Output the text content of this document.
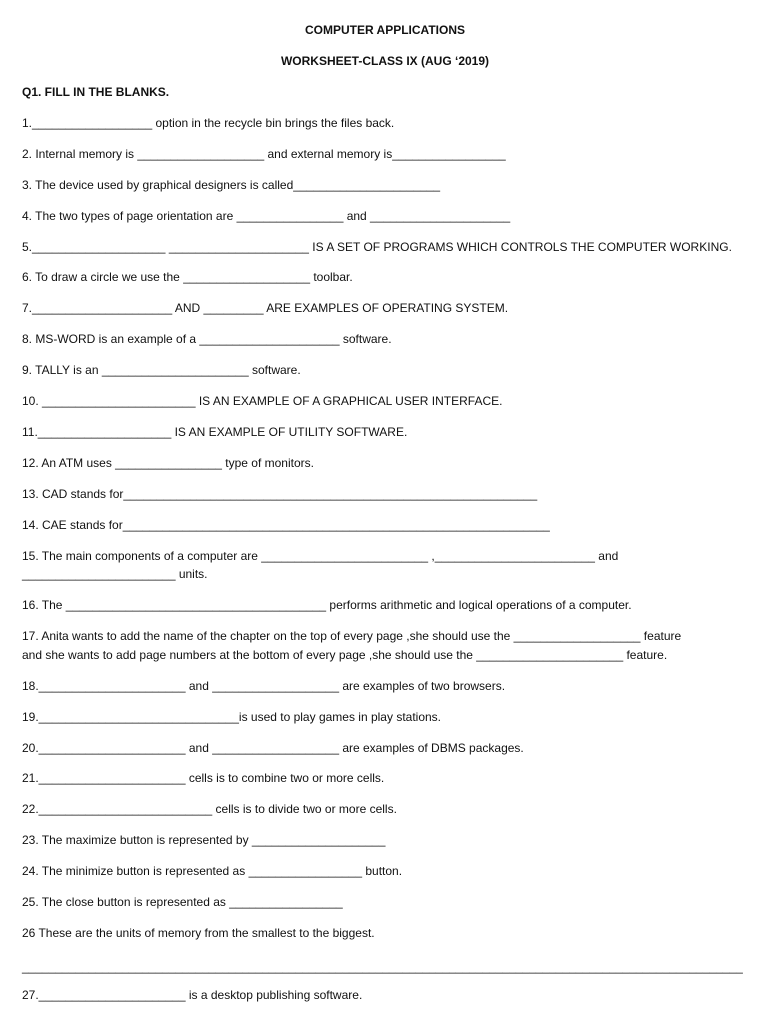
COMPUTER APPLICATIONS
WORKSHEET-CLASS IX (AUG ‘2019)
Q1. FILL IN THE BLANKS.
1.__________________ option in the recycle bin brings the files back.
2. Internal memory is ___________________ and external memory is_________________
3. The device used by graphical designers is called______________________
4. The two types of page orientation are ________________ and _____________________
5.____________________ _____________________ IS A SET OF PROGRAMS WHICH CONTROLS THE COMPUTER WORKING.
6. To draw a circle we use the ___________________ toolbar.
7._____________________ AND _________ ARE EXAMPLES OF OPERATING SYSTEM.
8. MS-WORD is an example of a _____________________ software.
9. TALLY is an ______________________ software.
10. _______________________ IS AN EXAMPLE OF A GRAPHICAL USER INTERFACE.
11.____________________ IS AN EXAMPLE OF UTILITY SOFTWARE.
12. An ATM uses ________________ type of monitors.
13. CAD stands for______________________________________________________________
14. CAE stands for________________________________________________________________
15. The main components of a computer are _________________________ ,________________________ and
_______________________ units.
16. The _______________________________________ performs arithmetic and logical operations of a computer.
17. Anita wants to add the name of the chapter on the top of every page ,she should use the ___________________ feature
and she wants to add page numbers at the bottom of every page ,she should use the ______________________ feature.
18.______________________ and ___________________ are examples of two browsers.
19.______________________________is used to play games in play stations.
20.______________________ and ___________________ are examples of DBMS packages.
21.______________________ cells is to combine two or more cells.
22.__________________________ cells is to divide two or more cells.
23. The maximize button is represented by ____________________
24. The minimize button is represented as _________________ button.
25. The close button is represented as _________________
26 These are the units of memory from the smallest to the biggest.
____________________________________________________________________________________________________________
27.______________________ is a desktop publishing software.
